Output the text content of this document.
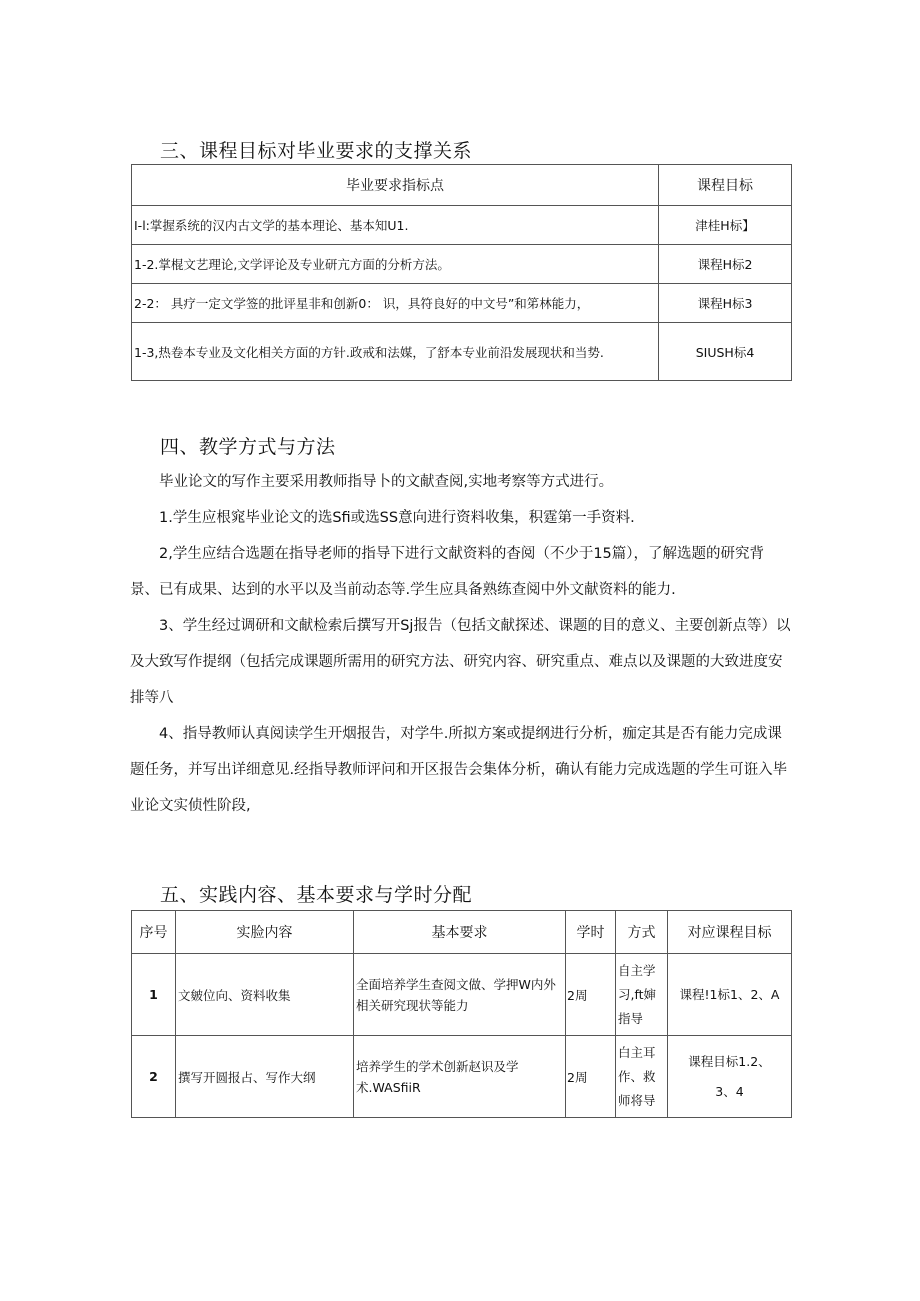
三、课程目标对毕业要求的支撑关系
毕业要求指标点	课程目标
I-l:掌握系统的汉内古文学的基本理论、基本知U1.	津桂H标】
1-2.掌棍文艺理论,文学评论及专业研亢方面的分析方法。	课程H标2
2-2： 具疗一定文学签的批评星非和创新0： 识，具符良好的中文号”和笫林能力，	课程H标3
1-3,热卷本专业及文化相关方面的方针.政戒和法媒，了舒本专业前沿发展现状和当势.	SIUSH标4
四、教学方式与方法

毕业论文的写作主要采用教师指导卜的文献查阅,实地考察等方式进行。

1.学生应根窕毕业论文的选Sfi或选SS意向进行资料收集，积霆第一手资料.

2,学生应结合选题在指导老师的指导下进行文献资料的杳阅（不少于15篇），了解选题的研究背景、已有成果、达到的水平以及当前动态等.学生应具备熟练查阅中外文献资料的能力.

3、学生经过调研和文献检索后撰写开Sj报告（包括文献探述、课题的目的意义、主要创新点等）以及大致写作提纲（包括完成课题所需用的研究方法、研究内容、研究重点、难点以及课题的大致进度安排等八

4、指导教师认真阅读学生开烟报告，对学牛.所拟方案或提纲进行分析，痂定其是否有能力完成课题任务，并写出详细意见.经指导教师评问和开区报告会集体分析，确认有能力完成选题的学生可诳入毕业论文实侦性阶段,

五、实践内容、基本要求与学时分配
序号	实脸内容	基本要求	学时	方式	对应课程目标
1	文皴位向、资料收集	全面培养学生查阅文做、学押W内外相关研究现状等能力	2周	自主学习,ft婶指导	课程!1标1、2、A
2	撰写开圆报占、写作大纲	培养学生的学术创新赵识及学术.WASfiiR	2周	白主耳作、救师将导	课程目标1.2、
3、4
